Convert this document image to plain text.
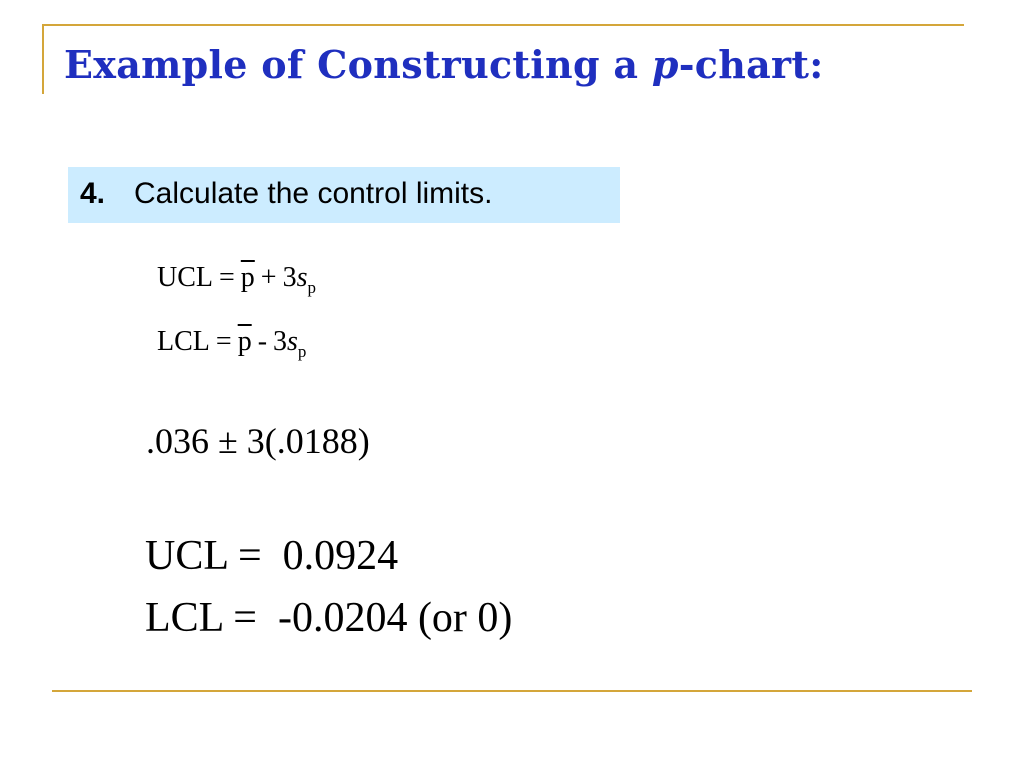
Example of Constructing a p-chart:
4. Calculate the control limits.
UCL = $\overline{p} + 3s_p$
LCL = $\overline{p} - 3s_p$
.036 ± 3(.0188)
UCL =  0.0924
LCL =  -0.0204 (or 0)
